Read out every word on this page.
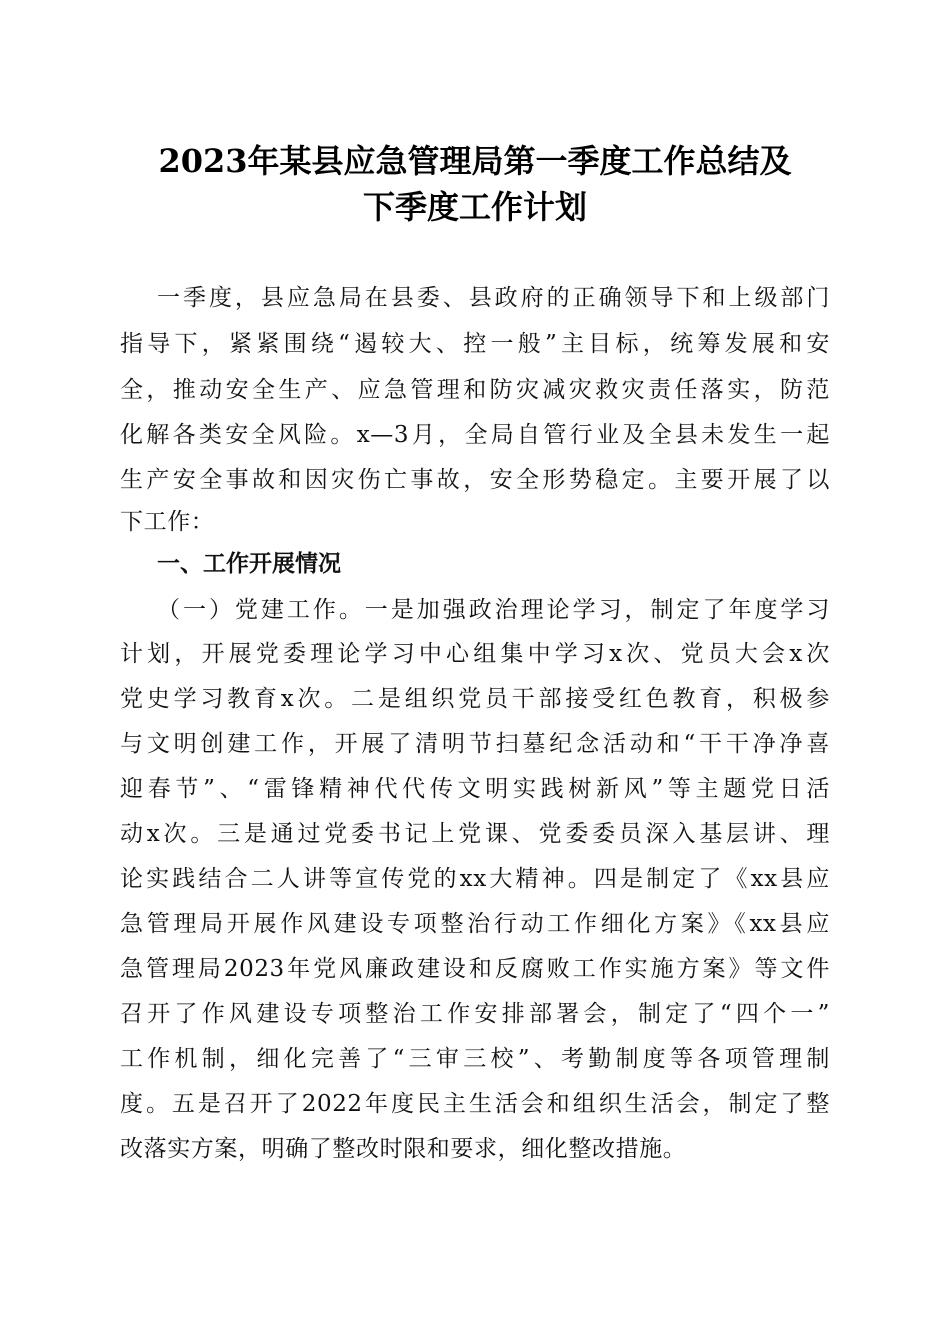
2023年某县应急管理局第一季度工作总结及
下季度工作计划
一季度，县应急局在县委、县政府的正确领导下和上级部门
指导下，紧紧围绕“遏较大、控一般”主目标，统筹发展和安
全，推动安全生产、应急管理和防灾减灾救灾责任落实，防范
化解各类安全风险。x—3月，全局自管行业及全县未发生一起
生产安全事故和因灾伤亡事故，安全形势稳定。主要开展了以
下工作：
一、工作开展情况
（一）党建工作。一是加强政治理论学习，制定了年度学习
计划，开展党委理论学习中心组集中学习x次、党员大会x次
党史学习教育x次。二是组织党员干部接受红色教育，积极参
与文明创建工作，开展了清明节扫墓纪念活动和“干干净净喜
迎春节”、“雷锋精神代代传文明实践树新风”等主题党日活
动x次。三是通过党委书记上党课、党委委员深入基层讲、理
论实践结合二人讲等宣传党的xx大精神。四是制定了《xx县应
急管理局开展作风建设专项整治行动工作细化方案》《xx县应
急管理局2023年党风廉政建设和反腐败工作实施方案》等文件
召开了作风建设专项整治工作安排部署会，制定了“四个一”
工作机制，细化完善了“三审三校”、考勤制度等各项管理制
度。五是召开了2022年度民主生活会和组织生活会，制定了整
改落实方案，明确了整改时限和要求，细化整改措施。
